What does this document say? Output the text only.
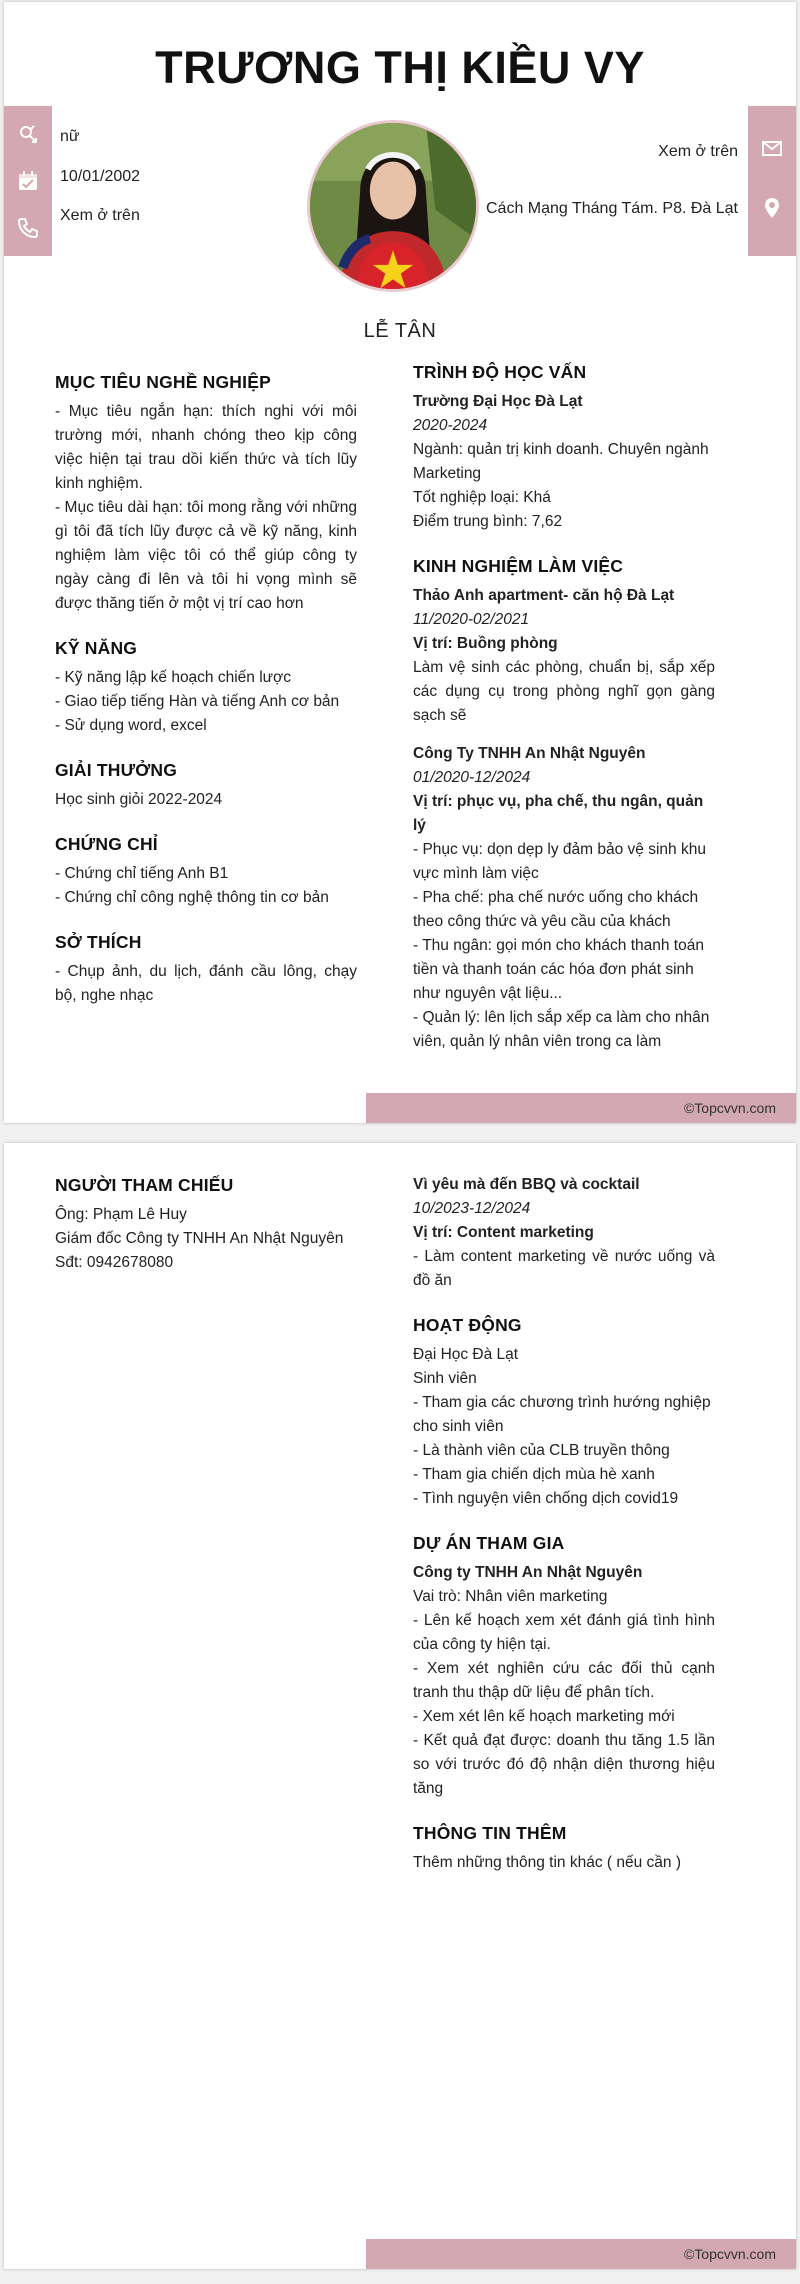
TRƯƠNG THỊ KIỀU VY
nữ
10/01/2002
Xem ở trên
Xem ở trên
Cách Mạng Tháng Tám. P8. Đà Lạt
LỄ TÂN
MỤC TIÊU NGHỀ NGHIỆP

- Mục tiêu ngắn hạn: thích nghi với môi trường mới, nhanh chóng theo kịp công việc hiện tại trau dồi kiến thức và tích lũy kinh nghiệm.

- Mục tiêu dài hạn: tôi mong rằng với những gì tôi đã tích lũy được cả về kỹ năng, kinh nghiệm làm việc tôi có thể giúp công ty ngày càng đi lên và tôi hi vọng mình sẽ được thăng tiến ở một vị trí cao hơn

KỸ NĂNG

- Kỹ năng lập kế hoạch chiến lược

- Giao tiếp tiếng Hàn và tiếng Anh cơ bản

- Sử dụng word, excel

GIẢI THƯỞNG

Học sinh giỏi 2022-2024

CHỨNG CHỈ

- Chứng chỉ tiếng Anh B1

- Chứng chỉ công nghệ thông tin cơ bản

SỞ THÍCH

- Chụp ảnh, du lịch, đánh cầu lông, chạy bộ, nghe nhạc

TRÌNH ĐỘ HỌC VẤN

Trường Đại Học Đà Lạt

2020-2024

Ngành: quản trị kinh doanh. Chuyên ngành Marketing

Tốt nghiệp loại: Khá

Điểm trung bình: 7,62

KINH NGHIỆM LÀM VIỆC

Thảo Anh apartment- căn hộ Đà Lạt

11/2020-02/2021

Vị trí: Buồng phòng

Làm vệ sinh các phòng, chuẩn bị, sắp xếp các dụng cụ trong phòng nghĩ gọn gàng sạch sẽ

Công Ty TNHH An Nhật Nguyên

01/2020-12/2024

Vị trí: phục vụ, pha chế, thu ngân, quản lý

- Phục vụ: dọn dẹp ly đảm bảo vệ sinh khu vực mình làm việc

- Pha chế: pha chế nước uống cho khách theo công thức và yêu cầu của khách

- Thu ngân: gọi món cho khách thanh toán tiền và thanh toán các hóa đơn phát sinh như nguyên vật liệu...

- Quản lý: lên lịch sắp xếp ca làm cho nhân viên, quản lý nhân viên trong ca làm

©Topcvvn.com
NGƯỜI THAM CHIẾU

Ông: Phạm Lê Huy

Giám đốc Công ty TNHH An Nhật Nguyên

Sđt: 0942678080

Vì yêu mà đến BBQ và cocktail

10/2023-12/2024

Vị trí: Content marketing

- Làm content marketing về nước uống và đồ ăn

HOẠT ĐỘNG

Đại Học Đà Lạt

Sinh viên

- Tham gia các chương trình hướng nghiệp cho sinh viên

- Là thành viên của CLB truyền thông

- Tham gia chiến dịch mùa hè xanh

- Tình nguyện viên chống dịch covid19

DỰ ÁN THAM GIA

Công ty TNHH An Nhật Nguyên

Vai trò: Nhân viên marketing

- Lên kế hoạch xem xét đánh giá tình hình của công ty hiện tại.

- Xem xét nghiên cứu các đối thủ cạnh tranh thu thập dữ liệu để phân tích.

- Xem xét lên kế hoạch marketing mới

- Kết quả đạt được: doanh thu tăng 1.5 lần so với trước đó độ nhận diện thương hiệu tăng

THÔNG TIN THÊM

Thêm những thông tin khác ( nếu cần )

©Topcvvn.com
